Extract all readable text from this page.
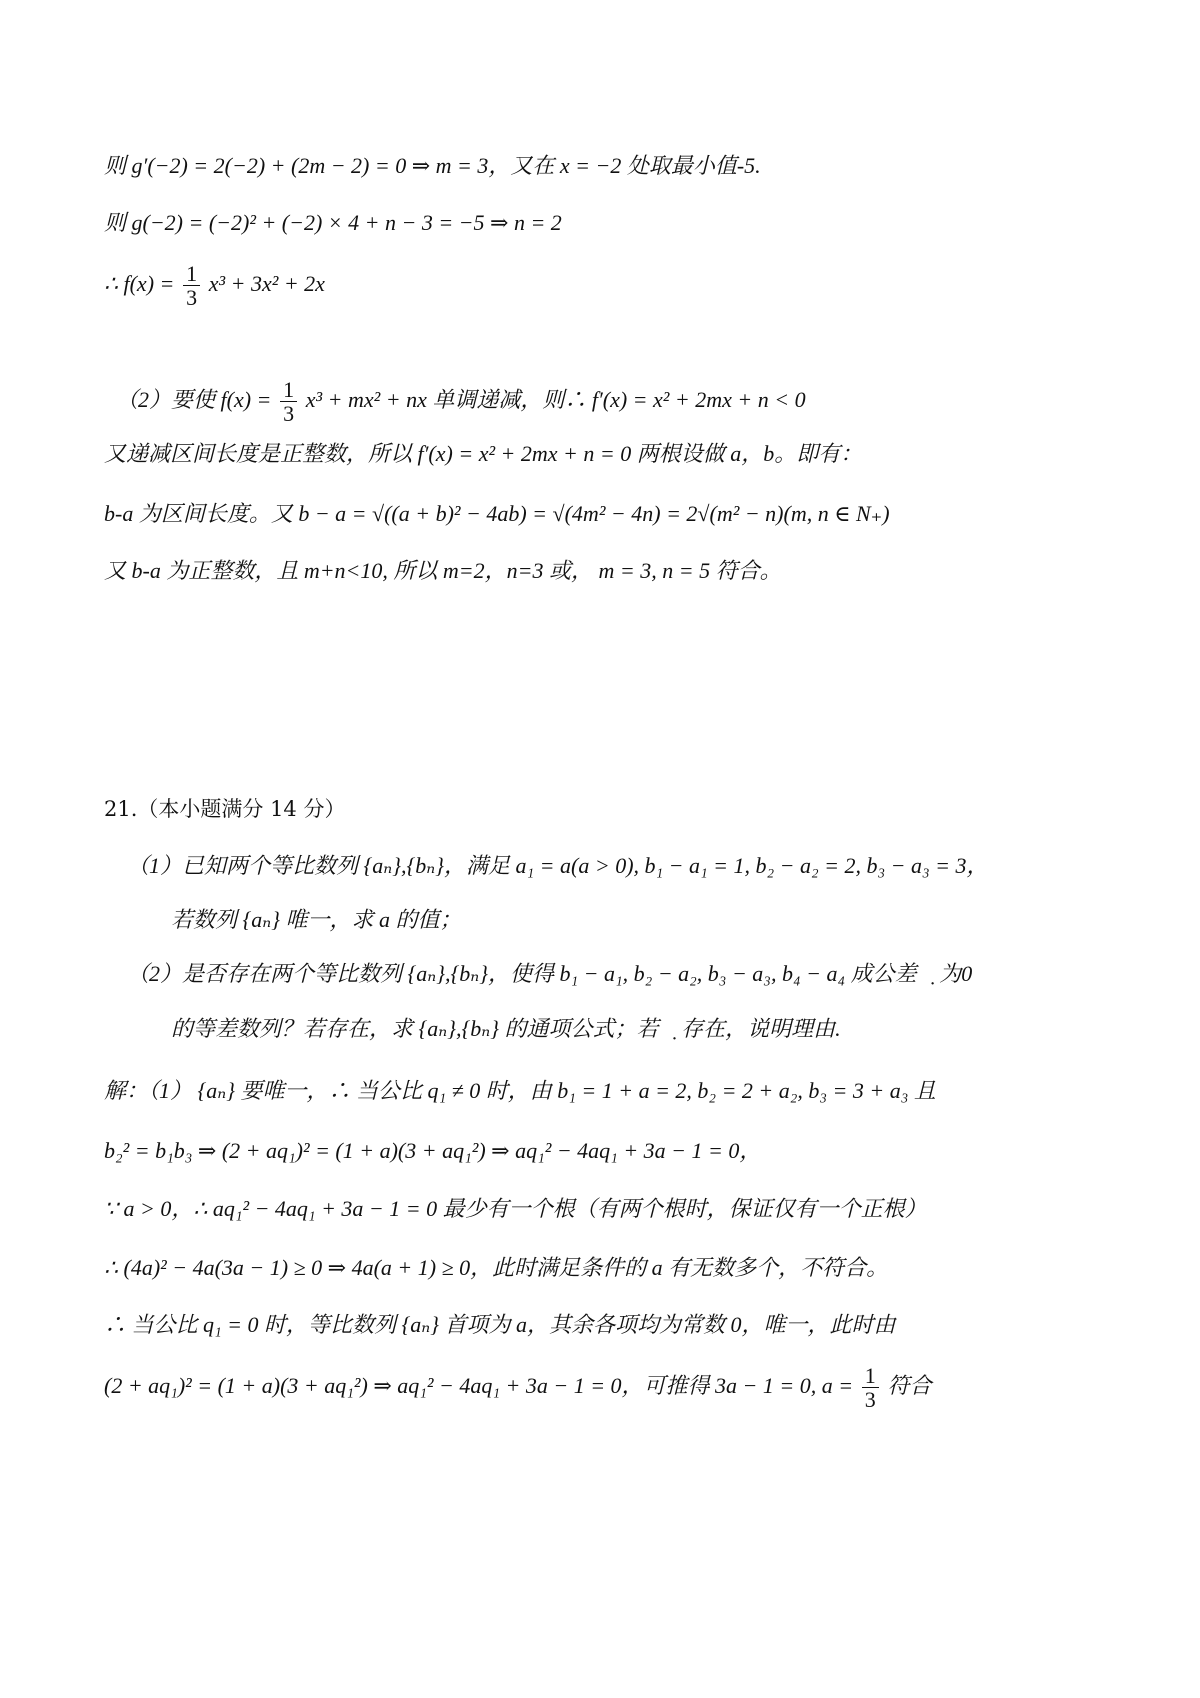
则 g′(−2) = 2(−2) + (2m − 2) = 0 ⇒ m = 3，又在 x = −2 处取最小值-5.
则 g(−2) = (−2)² + (−2) × 4 + n − 3 = −5 ⇒ n = 2
∴ $f(x) = \frac{1}{3} x^3 + 3x^2 + 2x$
（2）要使 $f(x) = \frac{1}{3} x^3 + mx^2$ + nx 单调递减，则∴ f′(x) = x² + 2mx + n < 0
又递减区间长度是正整数，所以 f′(x) = x² + 2mx + n = 0 两根设做 a，b。即有：
b-a 为区间长度。又 b − a = √((a + b)² − 4ab) = √(4m² − 4n) = 2√(m² − n)(m, n ∈ N₊)
又 b-a 为正整数，且 m+n<10, 所以 m=2，n=3 或， m = 3, n = 5 符合。
21.（本小题满分 14 分）
（1）已知两个等比数列 {aₙ},{bₙ}，满足 a₁ = a(a > 0), b₁ − a₁ = 1, b₂ − a₂ = 2, b₃ − a₃ = 3，
若数列 {aₙ} 唯一，求 a 的值；
（2）是否存在两个等比数列 {aₙ},{bₙ}，使得 b₁ − a₁, b₂ − a₂, b₃ − a₃, b₄ − a₄ 成公差不̣ 为0
的等差数列？若存在，求 {aₙ},{bₙ} 的通项公式；若不̣ 存在，说明理由.
解：（1） {aₙ} 要唯一，∴ 当公比 q₁ ≠ 0 时，由 b₁ = 1 + a = 2, b₂ = 2 + a₂, b₃ = 3 + a₃ 且
b₂² = b₁b₃ ⇒ (2 + aq₁)² = (1 + a)(3 + aq₁²) ⇒ aq₁² − 4aq₁ + 3a − 1 = 0，
∵ a > 0，∴ aq₁² − 4aq₁ + 3a − 1 = 0 最少有一个根（有两个根时，保证仅有一个正根）
∴ (4a)² − 4a(3a − 1) ≥ 0 ⇒ 4a(a + 1) ≥ 0，此时满足条件的 a 有无数多个，不符合。
∴ 当公比 q₁ = 0 时，等比数列 {aₙ} 首项为 a，其余各项均为常数 0，唯一，此时由
(2 + aq₁)² = (1 + a)(3 + aq₁²) ⇒ aq₁² − 4aq₁ + 3a − 1 = 0，可推得 3a − 1 = 0, $a = \frac{1}{3}$ 符合
